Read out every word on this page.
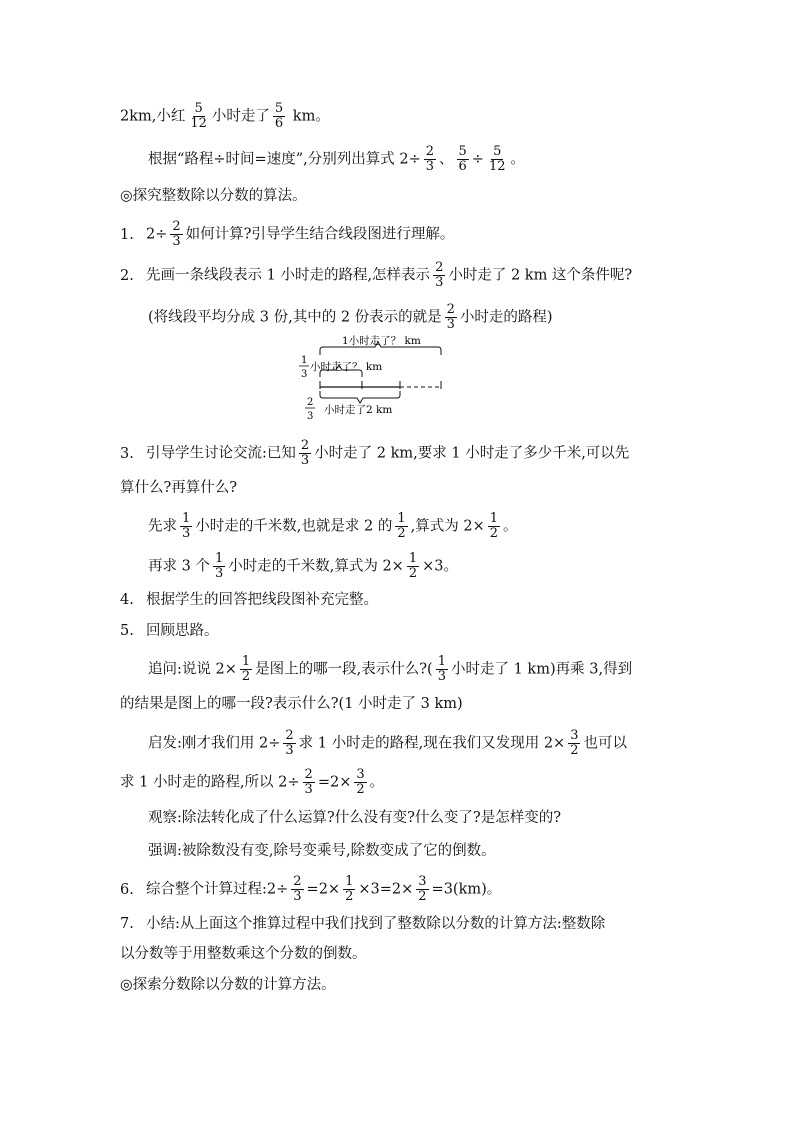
2km,小红 $\frac{5}{12}$ 小时走了 $\frac{5}{6}$ km。
根据“路程÷时间=速度”,分别列出算式 $2\div \frac{2}{3}$ 、 $\frac{5}{6} \div \frac{5}{12}$ 。
◎探究整数除以分数的算法。
1. $2\div \frac{2}{3}$ 如何计算?引导学生结合线段图进行理解。
2. 先画一条线段表示 1 小时走的路程,怎样表示 $\frac{2}{3}$ 小时走了 2 km 这个条件呢?
(将线段平均分成 3 份,其中的 2 份表示的就是 $\frac{2}{3}$ 小时走的路程)
1小时走了？ km
1
3
小时走了？ km
2
3
小时走了2 km
3. 引导学生讨论交流:已知 $\frac{2}{3}$ 小时走了 2 km,要求 1 小时走了多少千米,可以先
算什么?再算什么?
先求 $\frac{1}{3}$ 小时走的千米数,也就是求 2 的 $\frac{1}{2}$ ,算式为 $2\times \frac{1}{2}$ 。
再求 3 个 $\frac{1}{3}$ 小时走的千米数,算式为 $2\times \frac{1}{2} \times 3$。
4. 根据学生的回答把线段图补充完整。
5. 回顾思路。
追问:说说 $2\times \frac{1}{2}$ 是图上的哪一段,表示什么?( $\frac{1}{3}$ 小时走了 1 km)再乘 3,得到
的结果是图上的哪一段?表示什么?(1 小时走了 3 km)
启发:刚才我们用 $2\div \frac{2}{3}$ 求 1 小时走的路程,现在我们又发现用 $2\times \frac{3}{2}$ 也可以
求 1 小时走的路程,所以 $2\div \frac{2}{3} =2\times \frac{3}{2}$ 。
观察:除法转化成了什么运算?什么没有变?什么变了?是怎样变的?
强调:被除数没有变,除号变乘号,除数变成了它的倒数。
6. 综合整个计算过程:2÷ $\frac{2}{3} =2\times \frac{1}{2} \times 3=2\times \frac{3}{2} =3(km)$。
7. 小结:从上面这个推算过程中我们找到了整数除以分数的计算方法:整数除
以分数等于用整数乘这个分数的倒数。
◎探索分数除以分数的计算方法。
